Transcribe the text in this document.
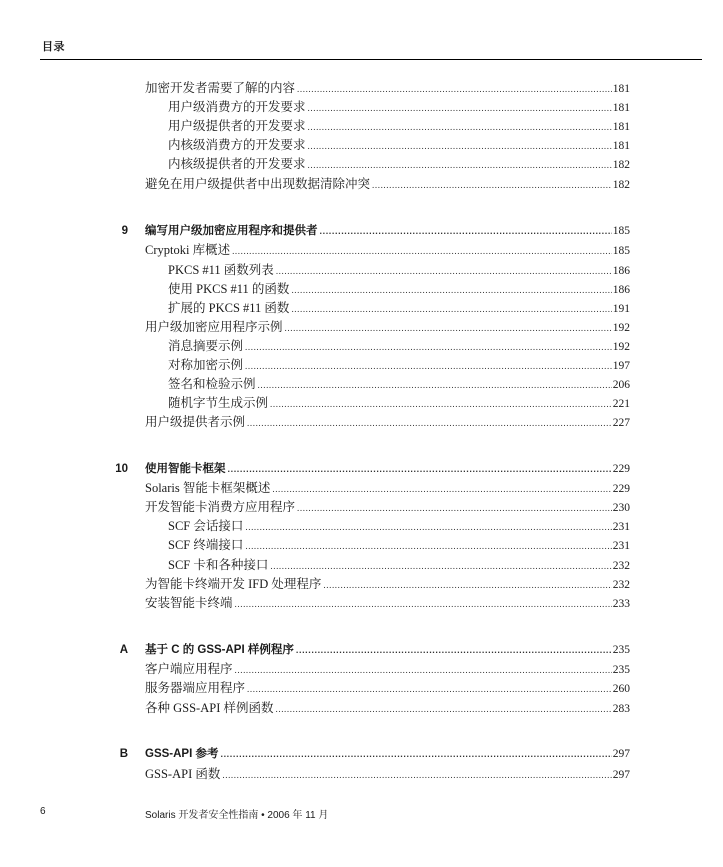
目录
加密开发者需要了解的内容 .....	181
用户级消费方的开发要求 .....	181
用户级提供者的开发要求 .....	181
内核级消费方的开发要求 .....	181
内核级提供者的开发要求 .....	182
避免在用户级提供者中出现数据清除冲突 .....	182
9 编写用户级加密应用程序和提供者 .....	185
Cryptoki 库概述 .....	185
PKCS #11 函数列表 .....	186
使用 PKCS #11 的函数 .....	186
扩展的 PKCS #11 函数 .....	191
用户级加密应用程序示例 .....	192
消息摘要示例 .....	192
对称加密示例 .....	197
签名和检验示例 .....	206
随机字节生成示例 .....	221
用户级提供者示例 .....	227
10 使用智能卡框架 .....	229
Solaris 智能卡框架概述 .....	229
开发智能卡消费方应用程序 .....	230
SCF 会话接口 .....	231
SCF 终端接口 .....	231
SCF 卡和各种接口 .....	232
为智能卡终端开发 IFD 处理程序 .....	232
安装智能卡终端 .....	233
A 基于 C 的 GSS-API 样例程序 .....	235
客户端应用程序 .....	235
服务器端应用程序 .....	260
各种 GSS-API 样例函数 .....	283
B GSS-API 参考 .....	297
GSS-API 函数 .....	297
6	Solaris 开发者安全性指南 • 2006 年 11 月
